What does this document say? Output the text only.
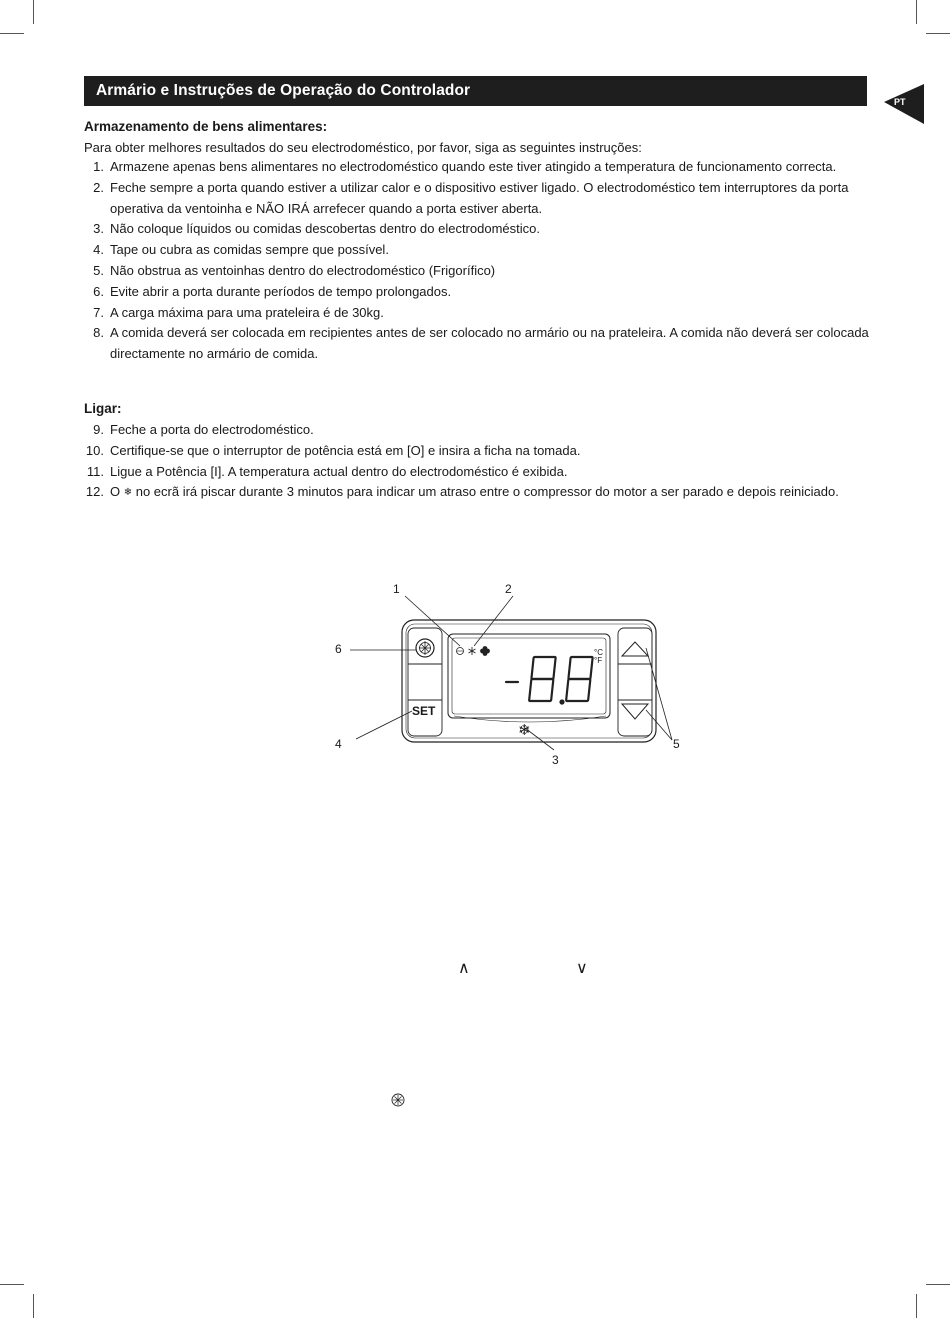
Armário e Instruções de Operação do Controlador
PT
Armazenamento de bens alimentares:
Para obter melhores resultados do seu electrodoméstico, por favor, siga as seguintes instruções:
1. Armazene apenas bens alimentares no electrodoméstico quando este tiver atingido a temperatura de funcionamento correcta.
2. Feche sempre a porta quando estiver a utilizar calor e o dispositivo estiver ligado. O electrodoméstico tem interruptores da porta operativa da ventoinha e NÃO IRÁ arrefecer quando a porta estiver aberta.
3. Não coloque líquidos ou comidas descobertas dentro do electrodoméstico.
4. Tape ou cubra as comidas sempre que possível.
5. Não obstrua as ventoinhas dentro do electrodoméstico (Frigorífico)
6. Evite abrir a porta durante períodos de tempo prolongados.
7. A carga máxima para uma prateleira é de 30kg.
8. A comida deverá ser colocada em recipientes antes de ser colocado no armário ou na prateleira. A comida não deverá ser colocada directamente no armário de comida.
Ligar:
9. Feche a porta do electrodoméstico.
10. Certifique-se que o interruptor de potência está em [O] e insira a ficha na tomada.
11. Ligue a Potência [I]. A temperatura actual dentro do electrodoméstico é exibida.
12. O ❄ no ecrã irá piscar durante 3 minutos para indicar um atraso entre o compressor do motor a ser parado e depois reiniciado.
1	2
3
4	5
6
SET
°C
°F
❄
∧	∨
